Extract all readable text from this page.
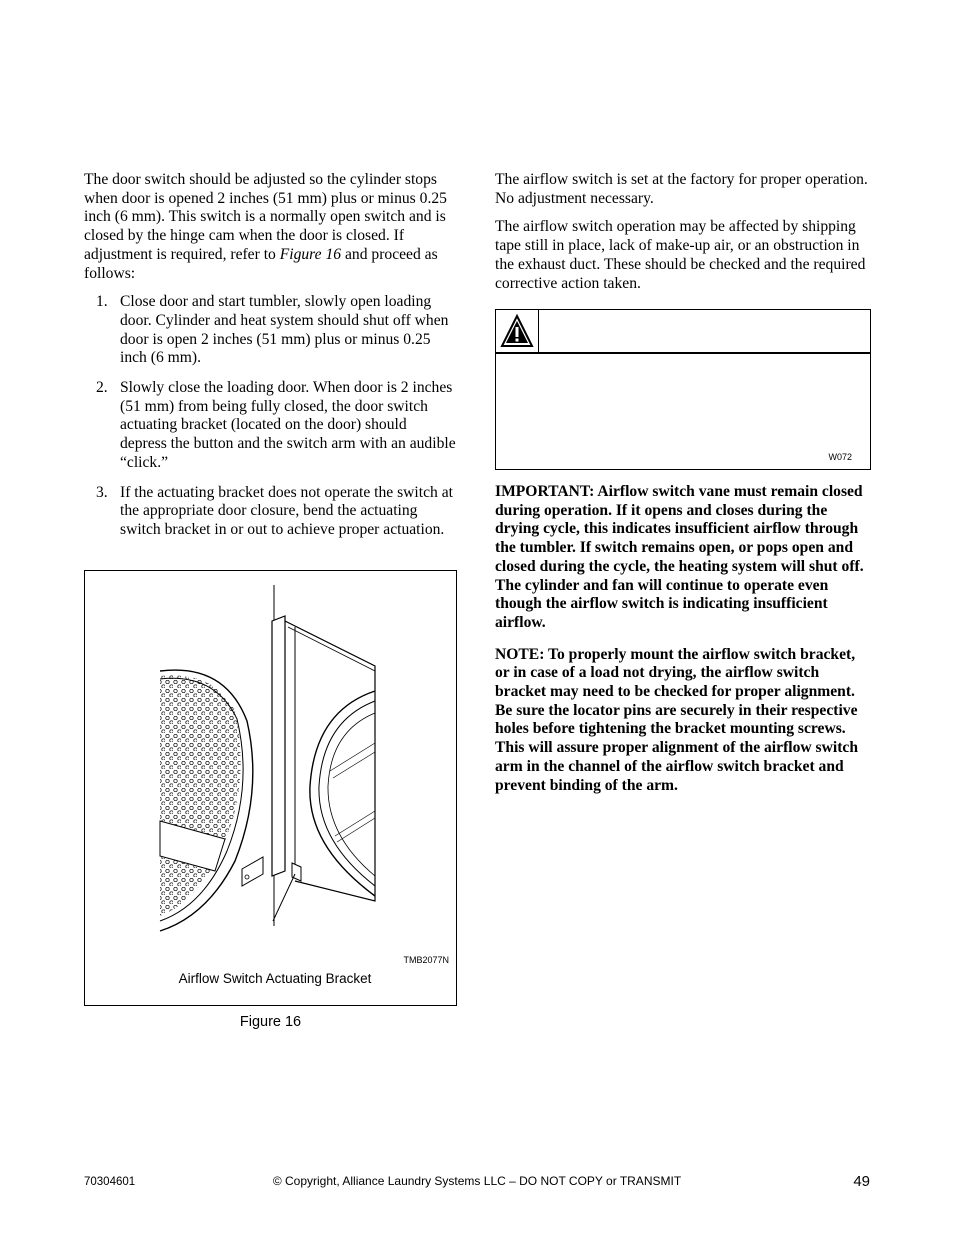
The door switch should be adjusted so the cylinder stops when door is opened 2 inches (51 mm) plus or minus 0.25 inch (6 mm). This switch is a normally open switch and is closed by the hinge cam when the door is closed. If adjustment is required, refer to Figure 16 and proceed as follows:

1. Close door and start tumbler, slowly open loading door. Cylinder and heat system should shut off when door is open 2 inches (51 mm) plus or minus 0.25 inch (6 mm).
2. Slowly close the loading door. When door is 2 inches (51 mm) from being fully closed, the door switch actuating bracket (located on the door) should depress the button and the switch arm with an audible “click.”
3. If the actuating bracket does not operate the switch at the appropriate door closure, bend the actuating switch bracket in or out to achieve proper actuation.
TMB2077N
Airflow Switch Actuating Bracket
Figure 16

The airflow switch is set at the factory for proper operation. No adjustment necessary.

The airflow switch operation may be affected by shipping tape still in place, lack of make-up air, or an obstruction in the exhaust duct. These should be checked and the required corrective action taken.

W072

IMPORTANT: Airflow switch vane must remain closed during operation. If it opens and closes during the drying cycle, this indicates insufficient airflow through the tumbler. If switch remains open, or pops open and closed during the cycle, the heating system will shut off. The cylinder and fan will continue to operate even though the airflow switch is indicating insufficient airflow.

NOTE: To properly mount the airflow switch bracket, or in case of a load not drying, the airflow switch bracket may need to be checked for proper alignment. Be sure the locator pins are securely in their respective holes before tightening the bracket mounting screws. This will assure proper alignment of the airflow switch arm in the channel of the airflow switch bracket and prevent binding of the arm.

70304601	© Copyright, Alliance Laundry Systems LLC – DO NOT COPY or TRANSMIT	49
